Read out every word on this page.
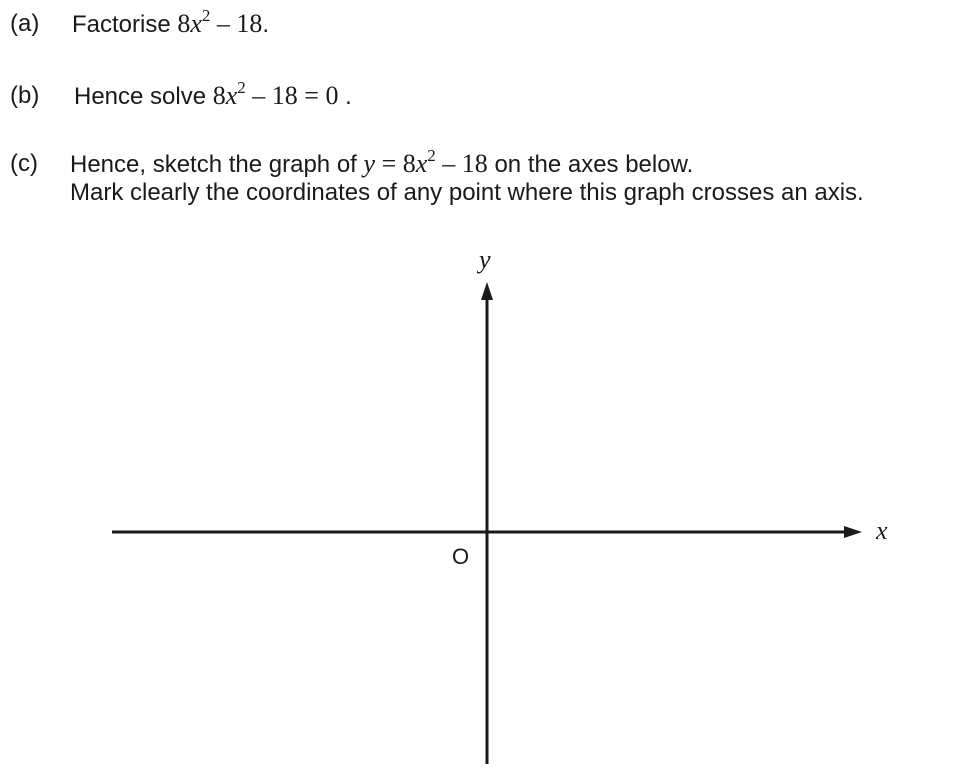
(a) Factorise $8x^2 - 18$.
(b) Hence solve $8x^2 - 18 = 0$ .
(c) Hence, sketch the graph of $y = 8x^2 - 18$ on the axes below.
Mark clearly the coordinates of any point where this graph crosses an axis.
y
x
O
